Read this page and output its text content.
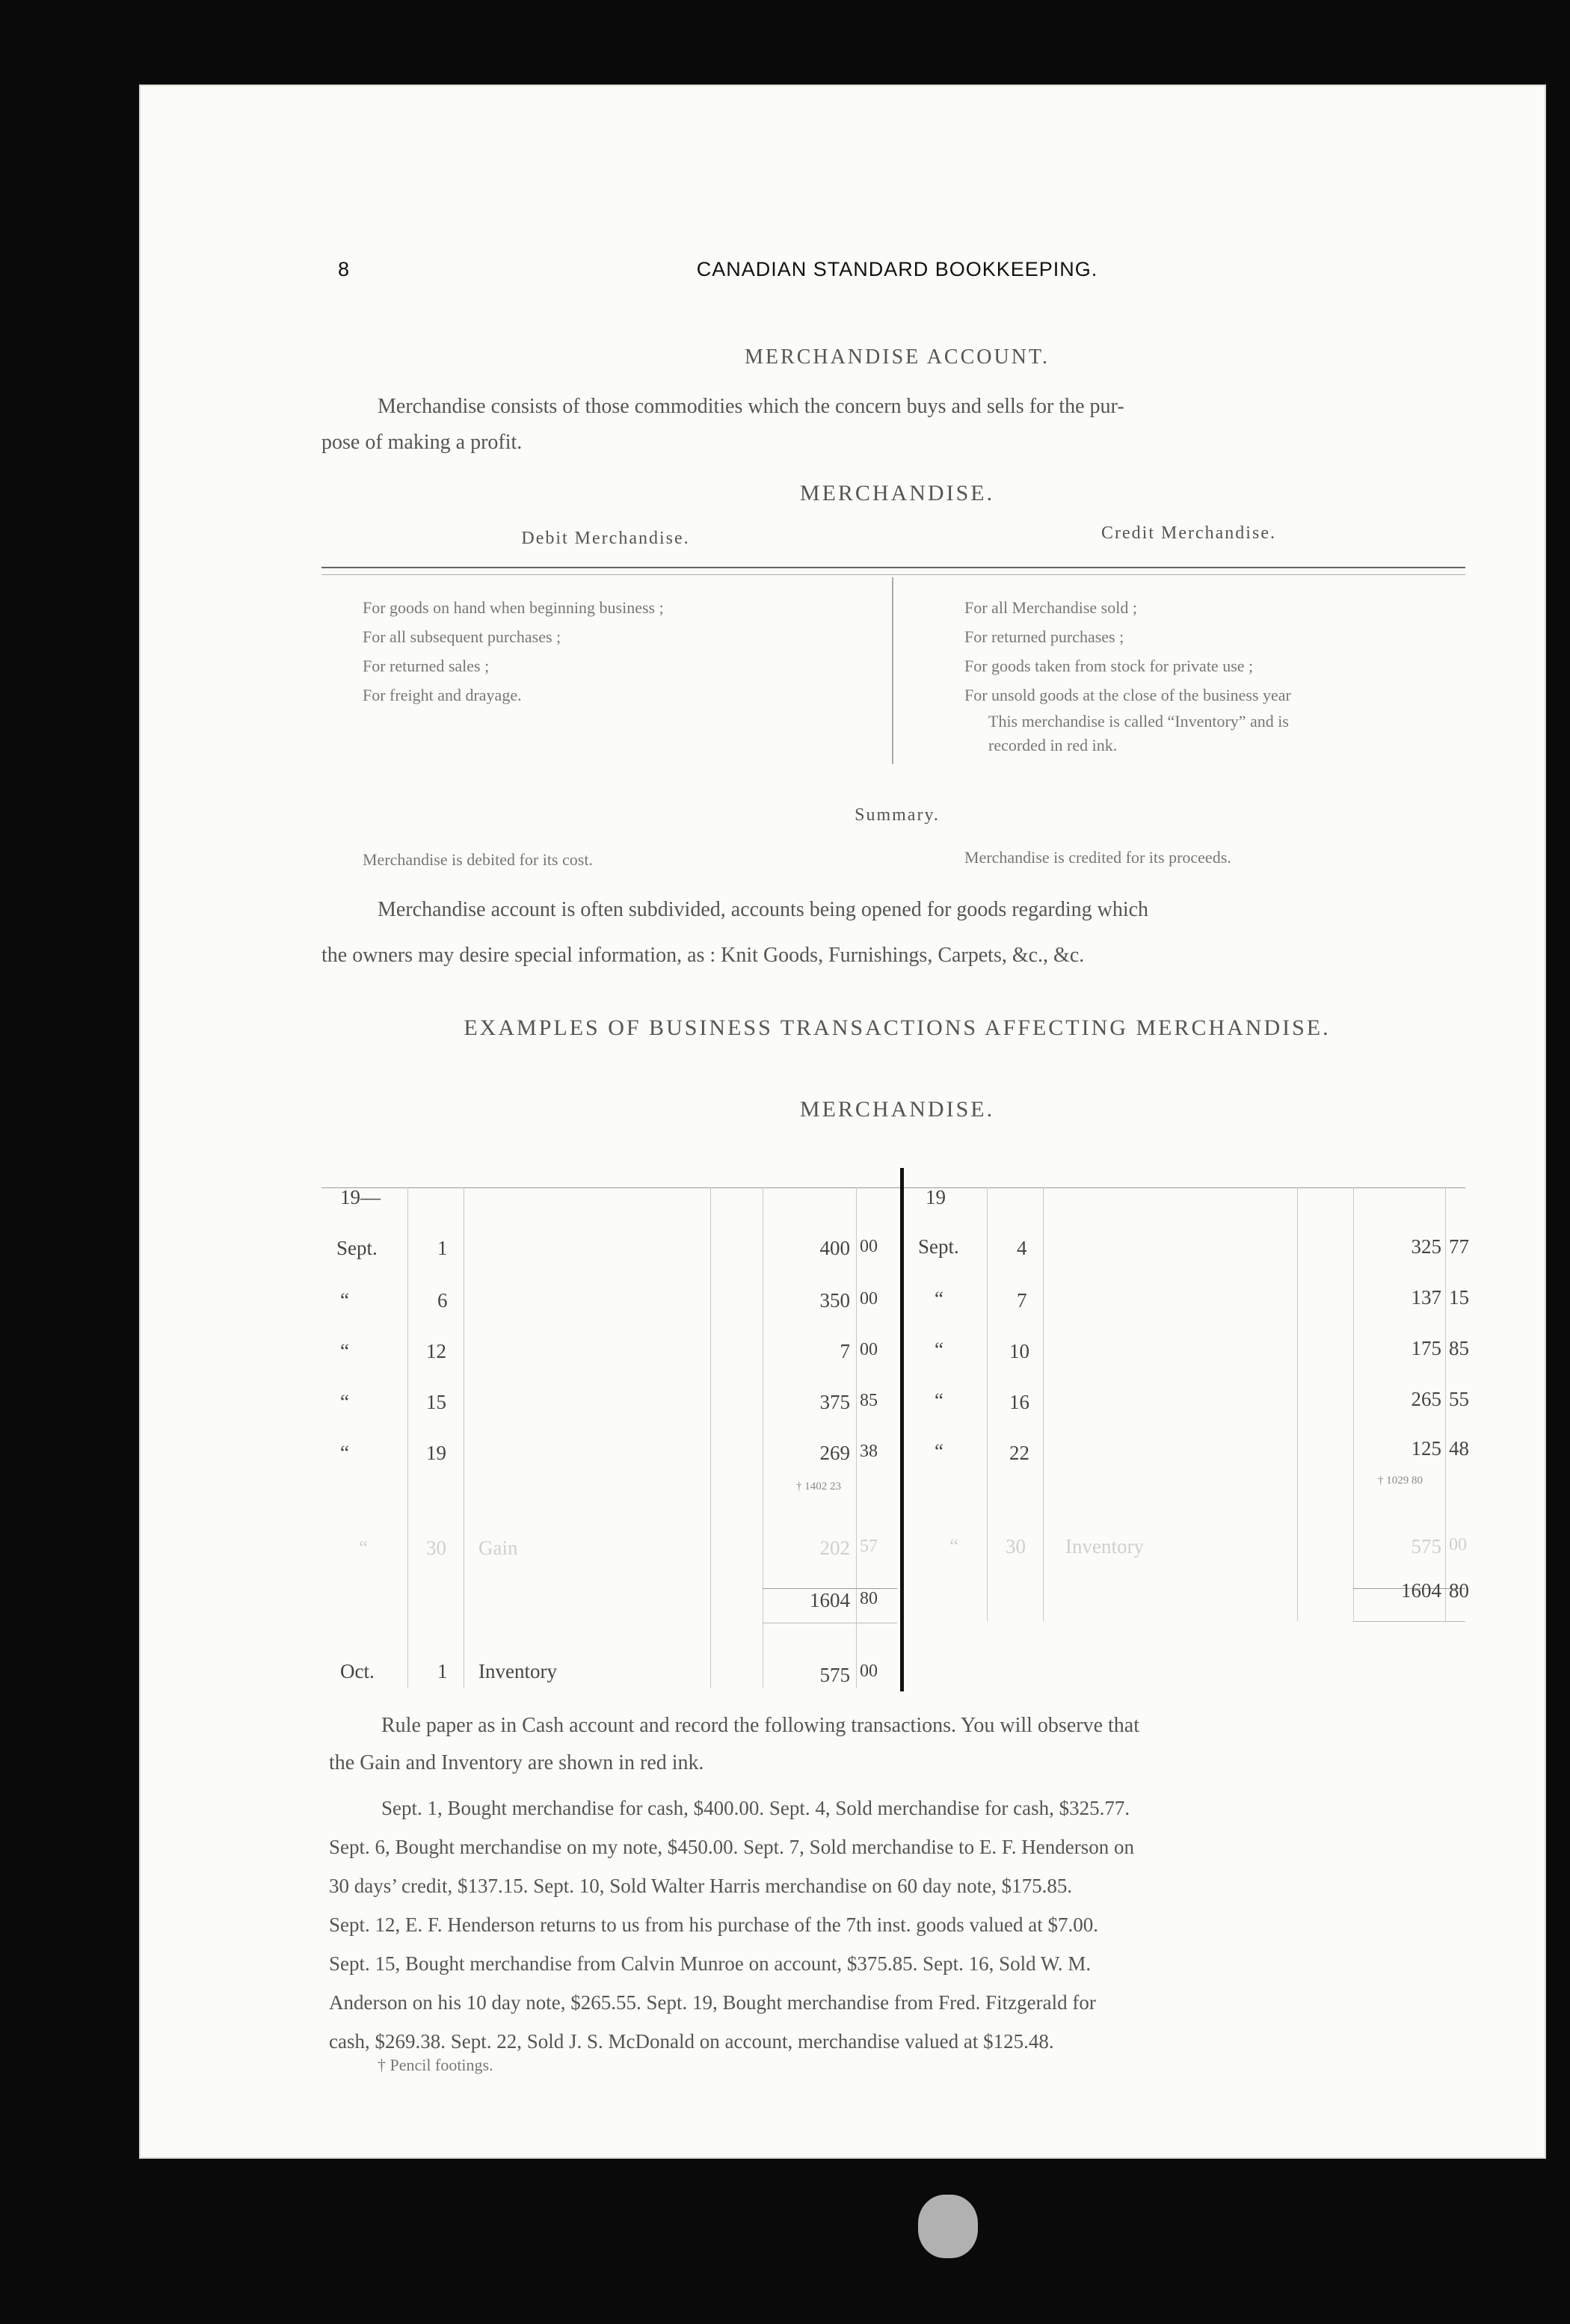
8	CANADIAN STANDARD BOOKKEEPING.
MERCHANDISE ACCOUNT.
Merchandise consists of those commodities which the concern buys and sells for the pur-
pose of making a profit.
MERCHANDISE.
Debit Merchandise.	Credit Merchandise.
For goods on hand when beginning business ;
For all subsequent purchases ;
For returned sales ;
For freight and drayage.
For all Merchandise sold ;
For returned purchases ;
For goods taken from stock for private use ;
For unsold goods at the close of the business year
This merchandise is called “Inventory” and is
recorded in red ink.
Summary.
Merchandise is debited for its cost.	Merchandise is credited for its proceeds.
Merchandise account is often subdivided, accounts being opened for goods regarding which
the owners may desire special information, as : Knit Goods, Furnishings, Carpets, &c., &c.
EXAMPLES OF BUSINESS TRANSACTIONS AFFECTING MERCHANDISE.
MERCHANDISE.
19—	19
Sept.	1	400 00
“	6	350 00
“	12	7 00
“	15	375 85
“	19	269 38
† 1402 23
“	30 Gain	202 57
1604 80
Oct.	1 Inventory	575 00
Sept.	4	325 77
“	7	137 15
“	10	175 85
“	16	265 55
“	22	125 48
† 1029 80
“ 30 Inventory	575 00
1604 80
Rule paper as in Cash account and record the following transactions. You will observe that
the Gain and Inventory are shown in red ink.
Sept. 1, Bought merchandise for cash, $400.00. Sept. 4, Sold merchandise for cash, $325.77.
Sept. 6, Bought merchandise on my note, $450.00. Sept. 7, Sold merchandise to E. F. Henderson on
30 days’ credit, $137.15. Sept. 10, Sold Walter Harris merchandise on 60 day note, $175.85.
Sept. 12, E. F. Henderson returns to us from his purchase of the 7th inst. goods valued at $7.00.
Sept. 15, Bought merchandise from Calvin Munroe on account, $375.85. Sept. 16, Sold W. M.
Anderson on his 10 day note, $265.55. Sept. 19, Bought merchandise from Fred. Fitzgerald for
cash, $269.38. Sept. 22, Sold J. S. McDonald on account, merchandise valued at $125.48.
† Pencil footings.
